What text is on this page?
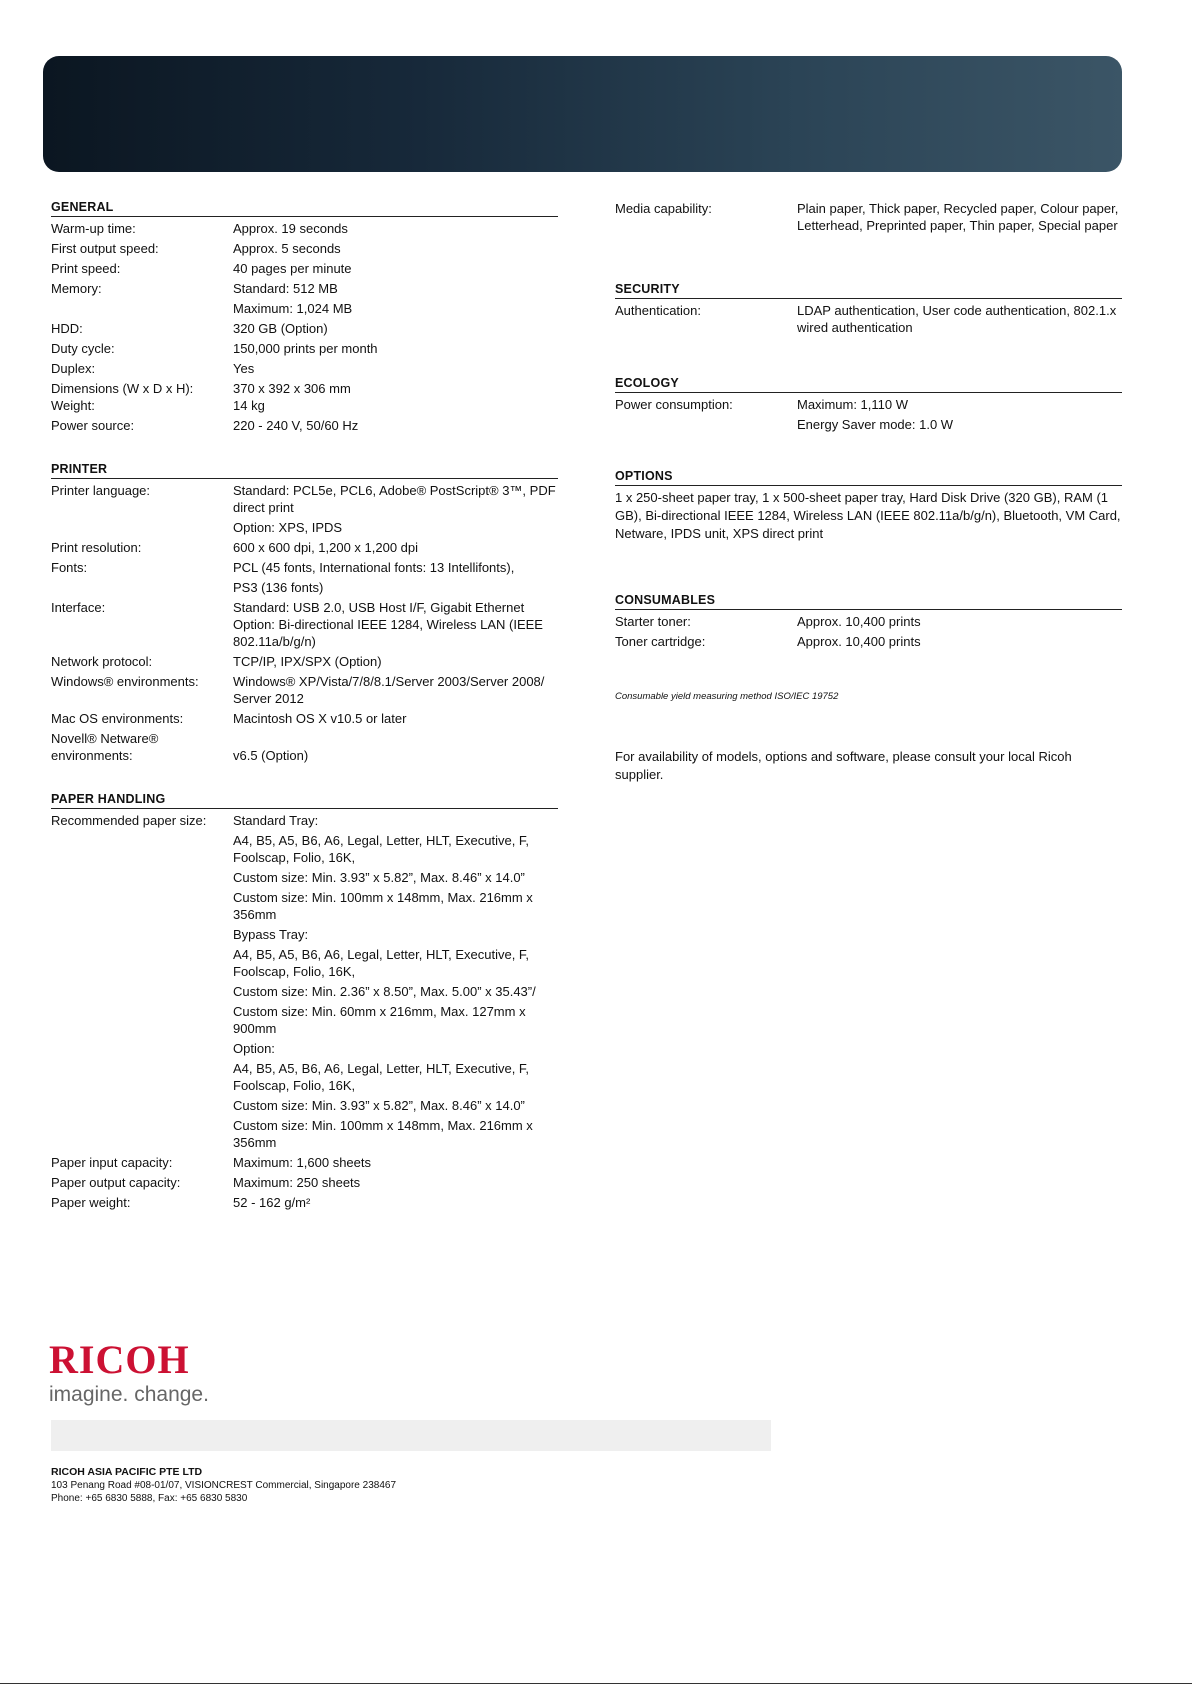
GENERAL
Warm-up time:	Approx. 19 seconds
First output speed:	Approx. 5 seconds
Print speed:	40 pages per minute
Memory:	Standard: 512 MB
Maximum: 1,024 MB
HDD:	320 GB (Option)
Duty cycle:	150,000 prints per month
Duplex:	Yes
Dimensions (W x D x H):	370 x 392 x 306 mm
Weight:	14 kg
Power source:	220 - 240 V, 50/60 Hz
PRINTER
Printer language:	Standard: PCL5e, PCL6, Adobe® PostScript® 3™, PDF direct print
Option: XPS, IPDS
Print resolution:	600 x 600 dpi, 1,200 x 1,200 dpi
Fonts:	PCL (45 fonts, International fonts: 13 Intellifonts),
PS3 (136 fonts)
Interface:	Standard: USB 2.0, USB Host I/F, Gigabit Ethernet Option: Bi-directional IEEE 1284, Wireless LAN (IEEE 802.11a/b/g/n)
Network protocol:	TCP/IP, IPX/SPX (Option)
Windows® environments:	Windows® XP/Vista/7/8/8.1/Server 2003/Server 2008/ Server 2012
Mac OS environments:	Macintosh OS X v10.5 or later
Novell® Netware® environments:	v6.5 (Option)
PAPER HANDLING
Recommended paper size:	Standard Tray:
A4, B5, A5, B6, A6, Legal, Letter, HLT, Executive, F, Foolscap, Folio, 16K,
Custom size: Min. 3.93” x 5.82”, Max. 8.46” x 14.0”
Custom size: Min. 100mm x 148mm, Max. 216mm x 356mm
Bypass Tray:
A4, B5, A5, B6, A6, Legal, Letter, HLT, Executive, F, Foolscap, Folio, 16K,
Custom size: Min. 2.36” x 8.50”, Max. 5.00” x 35.43”/
Custom size: Min. 60mm x 216mm, Max. 127mm x 900mm
Option:
A4, B5, A5, B6, A6, Legal, Letter, HLT, Executive, F, Foolscap, Folio, 16K,
Custom size: Min. 3.93” x 5.82”, Max. 8.46” x 14.0”
Custom size: Min. 100mm x 148mm, Max. 216mm x 356mm
Paper input capacity:	Maximum: 1,600 sheets
Paper output capacity:	Maximum: 250 sheets
Paper weight:	52 - 162 g/m²
Media capability:	Plain paper, Thick paper, Recycled paper, Colour paper, Letterhead, Preprinted paper, Thin paper, Special paper
SECURITY
Authentication:	LDAP authentication, User code authentication, 802.1.x wired authentication
ECOLOGY
Power consumption:	Maximum: 1,110 W
Energy Saver mode: 1.0 W
OPTIONS
1 x 250-sheet paper tray, 1 x 500-sheet paper tray, Hard Disk Drive (320 GB), RAM (1 GB), Bi-directional IEEE 1284, Wireless LAN (IEEE 802.11a/b/g/n), Bluetooth, VM Card, Netware, IPDS unit, XPS direct print
CONSUMABLES
Starter toner:	Approx. 10,400 prints
Toner cartridge:	Approx. 10,400 prints
Consumable yield measuring method ISO/IEC 19752
For availability of models, options and software, please consult your local Ricoh supplier.
RICOH
imagine. change.
RICOH ASIA PACIFIC PTE LTD
103 Penang Road #08-01/07, VISIONCREST Commercial, Singapore 238467
Phone: +65 6830 5888, Fax: +65 6830 5830
